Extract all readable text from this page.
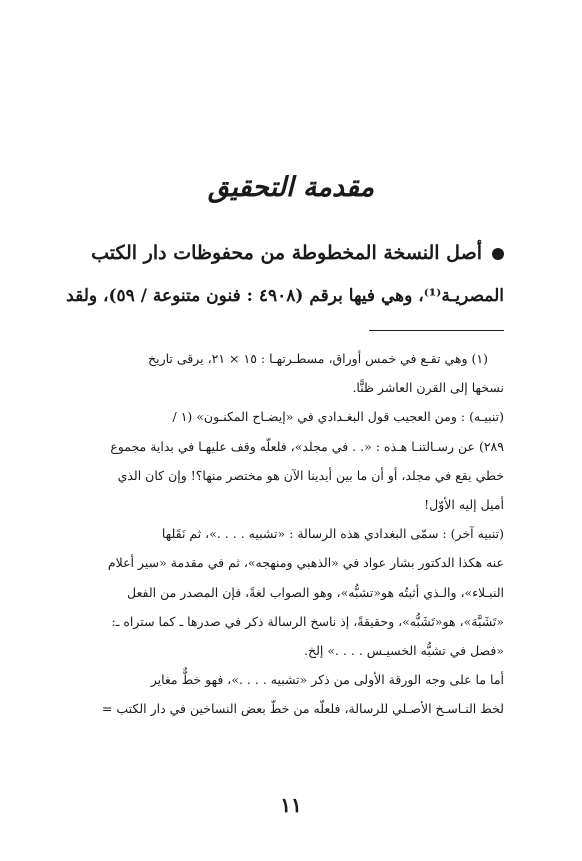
مقدمة التحقيق
أصل النسخة المخطوطة من محفوظات دار الكتب
المصريـة⁽¹⁾، وهي فيها برقم (٤٩٠٨ : فنون متنوعة / ٥٩)، ولقد
(١) وهي تقـع في خمس أوراق، مسطـرتهـا : ١٥ × ٢١، يرقى تاريخ
نسخها إلى القرن العاشر ظنًّا.
(تنبيـه) : ومن العجيب قول البغـدادي في «إيضـاح المكنـون» (١ /
٢٨٩) عن رسـالتنـا هـذه : «. . في مجلد»، فلعلّه وقف عليهـا في بداية مجموع
خطي يقع في مجلد، أو أن ما بين أيدينا الآن هو مختصر منها؟! وإن كان الذي
أميل إليه الأوّل!
(تنبيه آخر) : سمّى البغدادي هذه الرسالة : «تشبيه . . . .»، ثم نَقَلها
عنه هكذا الدكتور بشار عواد في «الذهبي ومنهجه»، ثم في مقدمة «سير أعلام
النبـلاء»، والـذي أثبتُه هو«تشبُّه»، وهو الصواب لغةً، فإن المصدر من الفعل
«تَشَبَّهَ»، هو«تَشَبُّه»، وحقيقةً، إذ ناسخ الرسالة ذكر في صدرها ـ كما ستراه ـ:
«فصل في تشبُّه الخسيـس . . . .» إلخ.
أما ما على وجه الورقة الأولى من ذكر «تشبيه . . . .»، فهو خطٌّ مغاير
لخط النـاسـخ الأصـلي للرسالة، فلعلّه من خطّ بعض النساخين في دار الكتب =
١١
